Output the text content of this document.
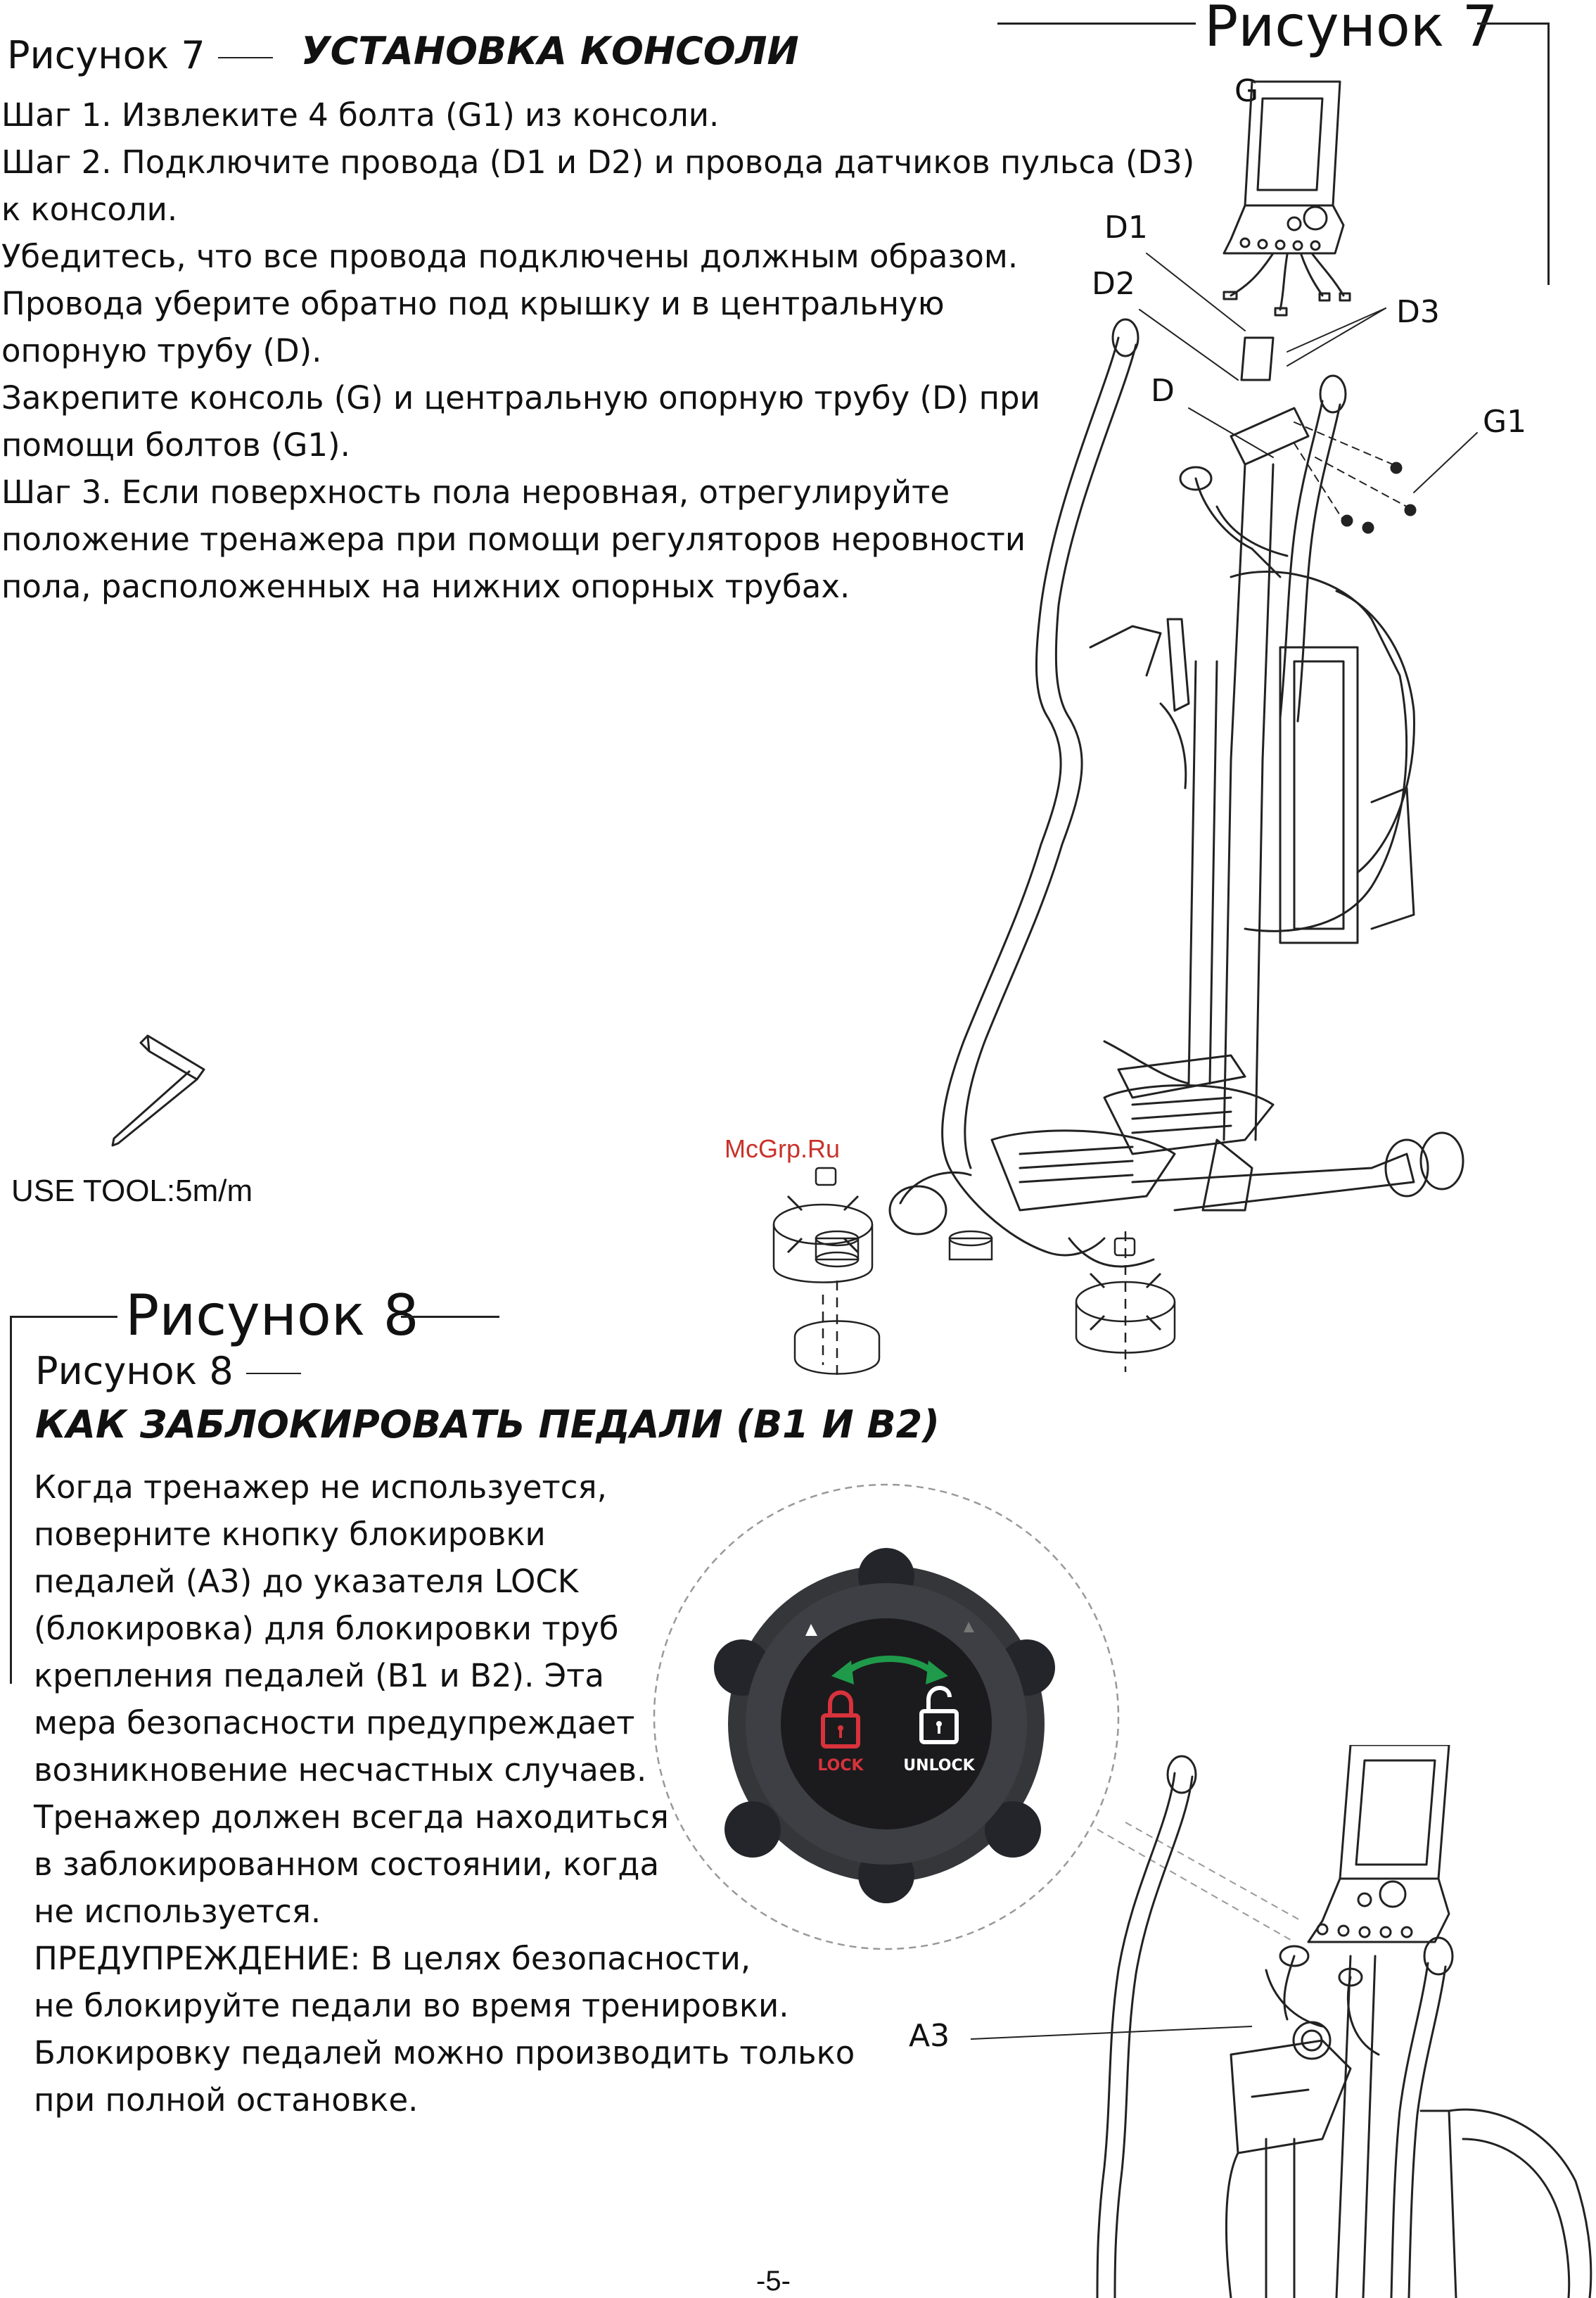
Рисунок 7	УСТАНОВКА КОНСОЛИ

Шаг 1. Извлеките 4 болта (G1) из консоли.

Шаг 2. Подключите провода (D1 и D2) и провода датчиков пульса (D3)

к консоли.

Убедитесь, что все провода подключены должным образом.

Провода уберите обратно под крышку и в центральную

опорную трубу (D).

Закрепите консоль (G) и центральную опорную трубу (D) при

помощи болтов (G1).

Шаг 3. Если поверхность пола неровная, отрегулируйте

положение тренажера при помощи регуляторов неровности

пола, расположенных на нижних опорных трубах.

Рисунок 7
G
D1
D2
D3
D
G1
McGrp.Ru
USE TOOL:5m/m
Рисунок 8
Рисунок 8
КАК ЗАБЛОКИРОВАТЬ ПЕДАЛИ (B1 И B2)

Когда тренажер не используется,

поверните кнопку блокировки

педалей (A3) до указателя LOCK

(блокировка) для блокировки труб

крепления педалей (B1 и B2). Эта

мера безопасности предупреждает

возникновение несчастных случаев.

Тренажер должен всегда находиться

в заблокированном состоянии, когда

не используется.

ПРЕДУПРЕЖДЕНИЕ: В целях безопасности,

не блокируйте педали во время тренировки.

Блокировку педалей можно производить только

при полной остановке.

LOCK	UNLOCK
A3
-5-
